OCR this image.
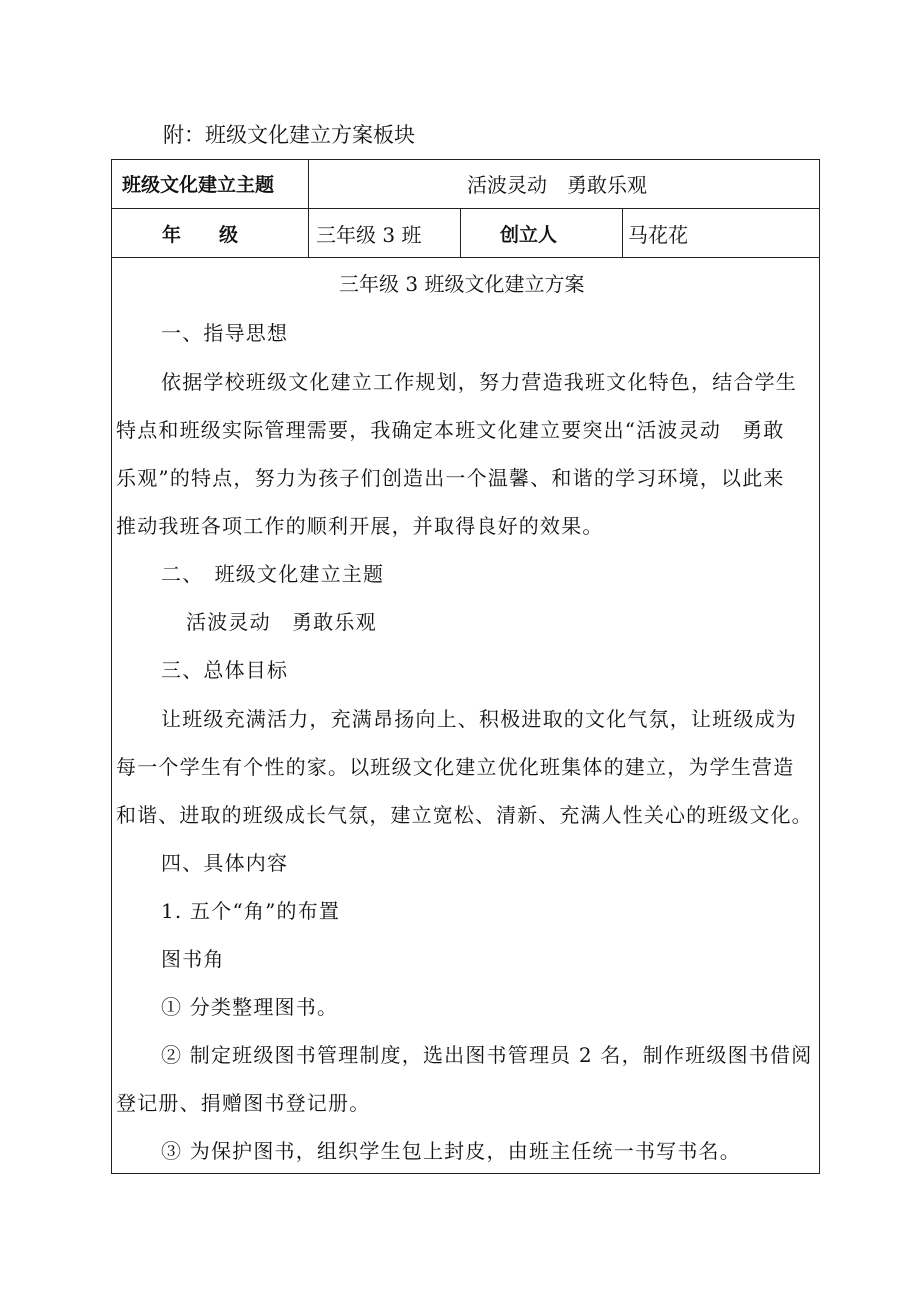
附：班级文化建立方案板块
班级文化建立主题	活波灵动　勇敢乐观
年　　级	三年级 3 班	创立人	马花花
三年级 3 班级文化建立方案
一、指导思想
依据学校班级文化建立工作规划，努力营造我班文化特色，结合学生
特点和班级实际管理需要，我确定本班文化建立要突出“活波灵动　勇敢
乐观”的特点，努力为孩子们创造出一个温馨、和谐的学习环境，以此来
推动我班各项工作的顺利开展，并取得良好的效果。
二、　班级文化建立主题
活波灵动　勇敢乐观
三、总体目标
让班级充满活力，充满昂扬向上、积极进取的文化气氛，让班级成为
每一个学生有个性的家。以班级文化建立优化班集体的建立，为学生营造
和谐、进取的班级成长气氛，建立宽松、清新、充满人性关心的班级文化。
四、具体内容
1. 五个“角”的布置
图书角
① 分类整理图书。
② 制定班级图书管理制度，选出图书管理员 2 名，制作班级图书借阅
登记册、捐赠图书登记册。
③ 为保护图书，组织学生包上封皮，由班主任统一书写书名。
